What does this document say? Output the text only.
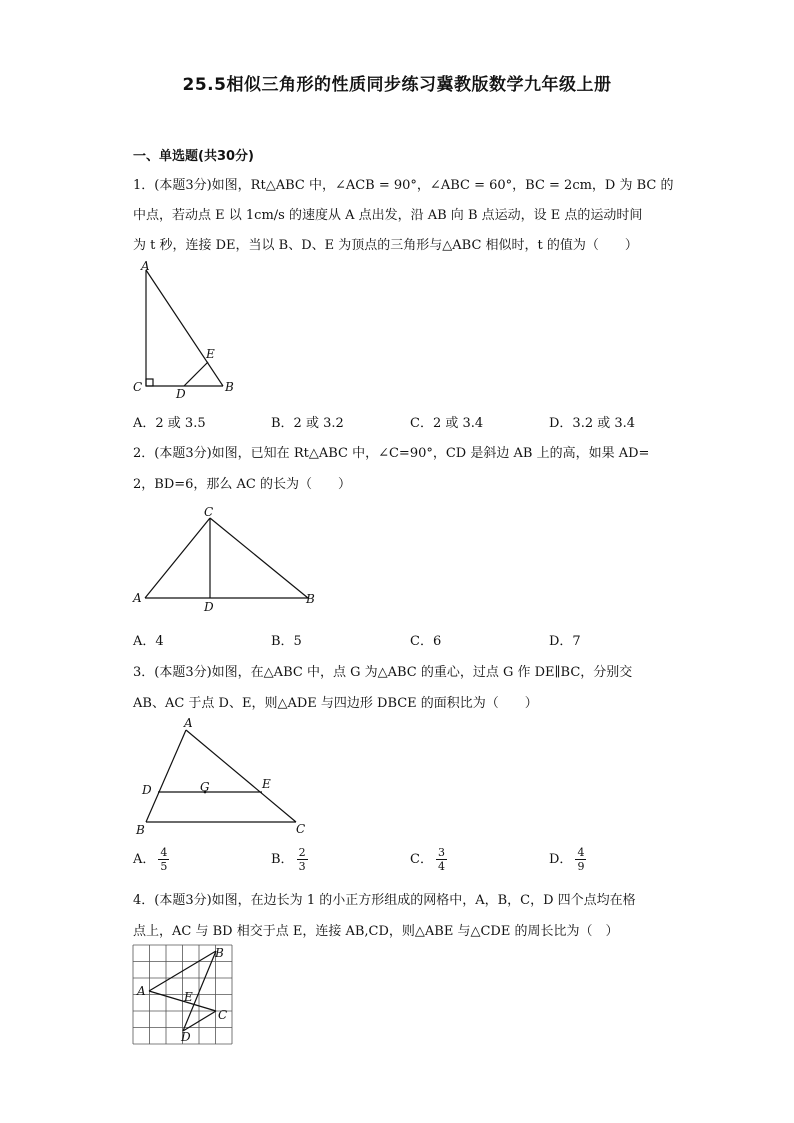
25.5相似三角形的性质同步练习冀教版数学九年级上册
一、单选题(共30分)
1．(本题3分)如图，Rt△ABC 中，∠ACB = 90°，∠ABC = 60°，BC = 2cm，D 为 BC 的
中点，若动点 E 以 1cm/s 的速度从 A 点出发，沿 AB 向 B 点运动，设 E 点的运动时间
为 t 秒，连接 DE，当以 B、D、E 为顶点的三角形与△ABC 相似时，t 的值为（　　）
A
C	D
E
B
A．2 或 3.5	B．2 或 3.2	C．2 或 3.4	D．3.2 或 3.4
2．(本题3分)如图，已知在 Rt△ABC 中，∠C=90°，CD 是斜边 AB 上的高，如果 AD=
2，BD=6，那么 AC 的长为（　　）
C
A
D
B
A．4	B．5	C．6	D．7
3．(本题3分)如图，在△ABC 中，点 G 为△ABC 的重心，过点 G 作 DE∥BC，分别交
AB、AC 于点 D、E，则△ADE 与四边形 DBCE 的面积比为（　　）
A
D	G	E
B	C
A． $\frac{4}{5}$	B． $\frac{2}{3}$	C． $\frac{3}{4}$	D． $\frac{4}{9}$
4．(本题3分)如图，在边长为 1 的小正方形组成的网格中，A，B，C，D 四个点均在格
点上，AC 与 BD 相交于点 E，连接 AB,CD，则△ABE 与△CDE 的周长比为（　）
B
A	E
C
D
